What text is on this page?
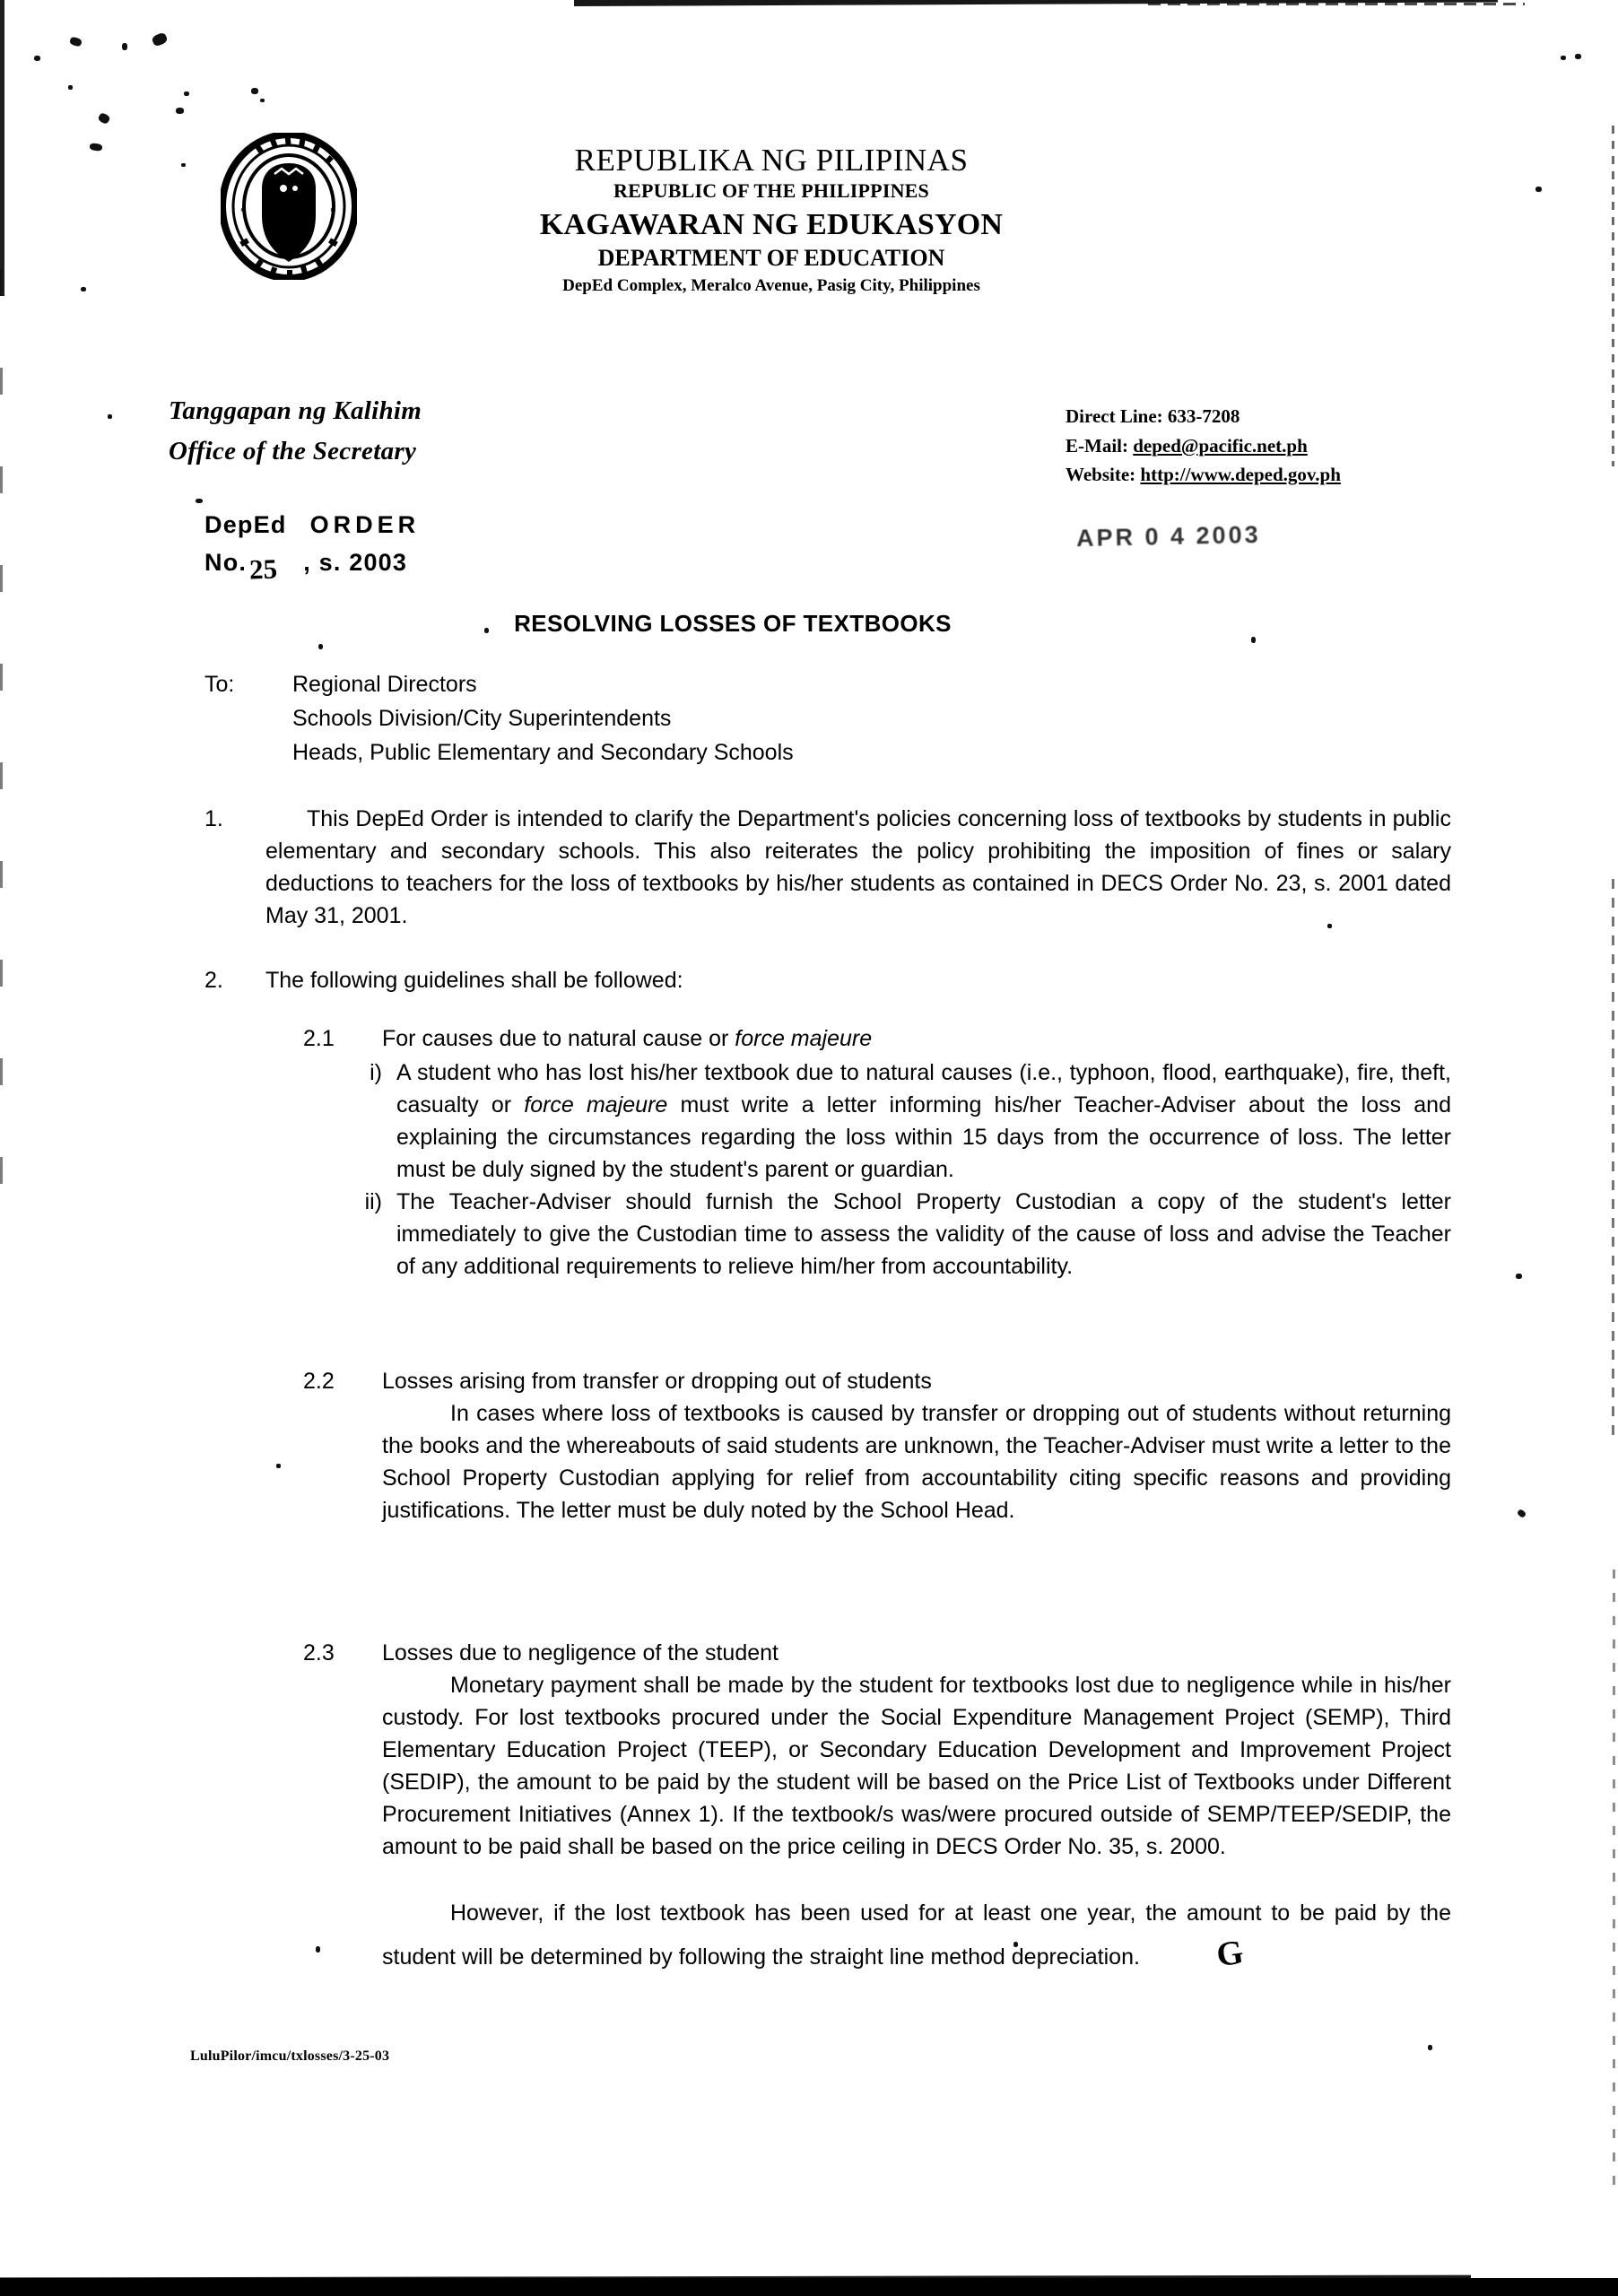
*	*
REPUBLIKA NG PILIPINAS
REPUBLIC OF THE PHILIPPINES
KAGAWARAN NG EDUKASYON
DEPARTMENT OF EDUCATION
DepEd Complex, Meralco Avenue, Pasig City, Philippines
Tanggapan ng Kalihim
Office of the Secretary
Direct Line: 633-7208
E-Mail: deped@pacific.net.ph
Website: http://www.deped.gov.ph
DepEd ORDER
No.25 , s. 2003
APR 0 4 2003
RESOLVING LOSSES OF TEXTBOOKS
To:	Regional Directors
Schools Division/City Superintendents
Heads, Public Elementary and Secondary Schools
1.	This DepEd Order is intended to clarify the Department's policies concerning loss of textbooks by students in public elementary and secondary schools. This also reiterates the policy prohibiting the imposition of fines or salary deductions to teachers for the loss of textbooks by his/her students as contained in DECS Order No. 23, s. 2001 dated May 31, 2001.
2.	The following guidelines shall be followed:
2.1	For causes due to natural cause or force majeure
i) A student who has lost his/her textbook due to natural causes (i.e., typhoon, flood, earthquake), fire, theft, casualty or force majeure must write a letter informing his/her Teacher-Adviser about the loss and explaining the circumstances regarding the loss within 15 days from the occurrence of loss. The letter must be duly signed by the student's parent or guardian.
ii) The Teacher-Adviser should furnish the School Property Custodian a copy of the student's letter immediately to give the Custodian time to assess the validity of the cause of loss and advise the Teacher of any additional requirements to relieve him/her from accountability.
2.2	Losses arising from transfer or dropping out of students
In cases where loss of textbooks is caused by transfer or dropping out of students without returning the books and the whereabouts of said students are unknown, the Teacher-Adviser must write a letter to the School Property Custodian applying for relief from accountability citing specific reasons and providing justifications. The letter must be duly noted by the School Head.
2.3	Losses due to negligence of the student
Monetary payment shall be made by the student for textbooks lost due to negligence while in his/her custody. For lost textbooks procured under the Social Expenditure Management Project (SEMP), Third Elementary Education Project (TEEP), or Secondary Education Development and Improvement Project (SEDIP), the amount to be paid by the student will be based on the Price List of Textbooks under Different Procurement Initiatives (Annex 1). If the textbook/s was/were procured outside of SEMP/TEEP/SEDIP, the amount to be paid shall be based on the price ceiling in DECS Order No. 35, s. 2000.
However, if the lost textbook has been used for at least one year, the amount to be paid by the student will be determined by following the straight line method depreciation. G
LuluPilor/imcu/txlosses/3-25-03
